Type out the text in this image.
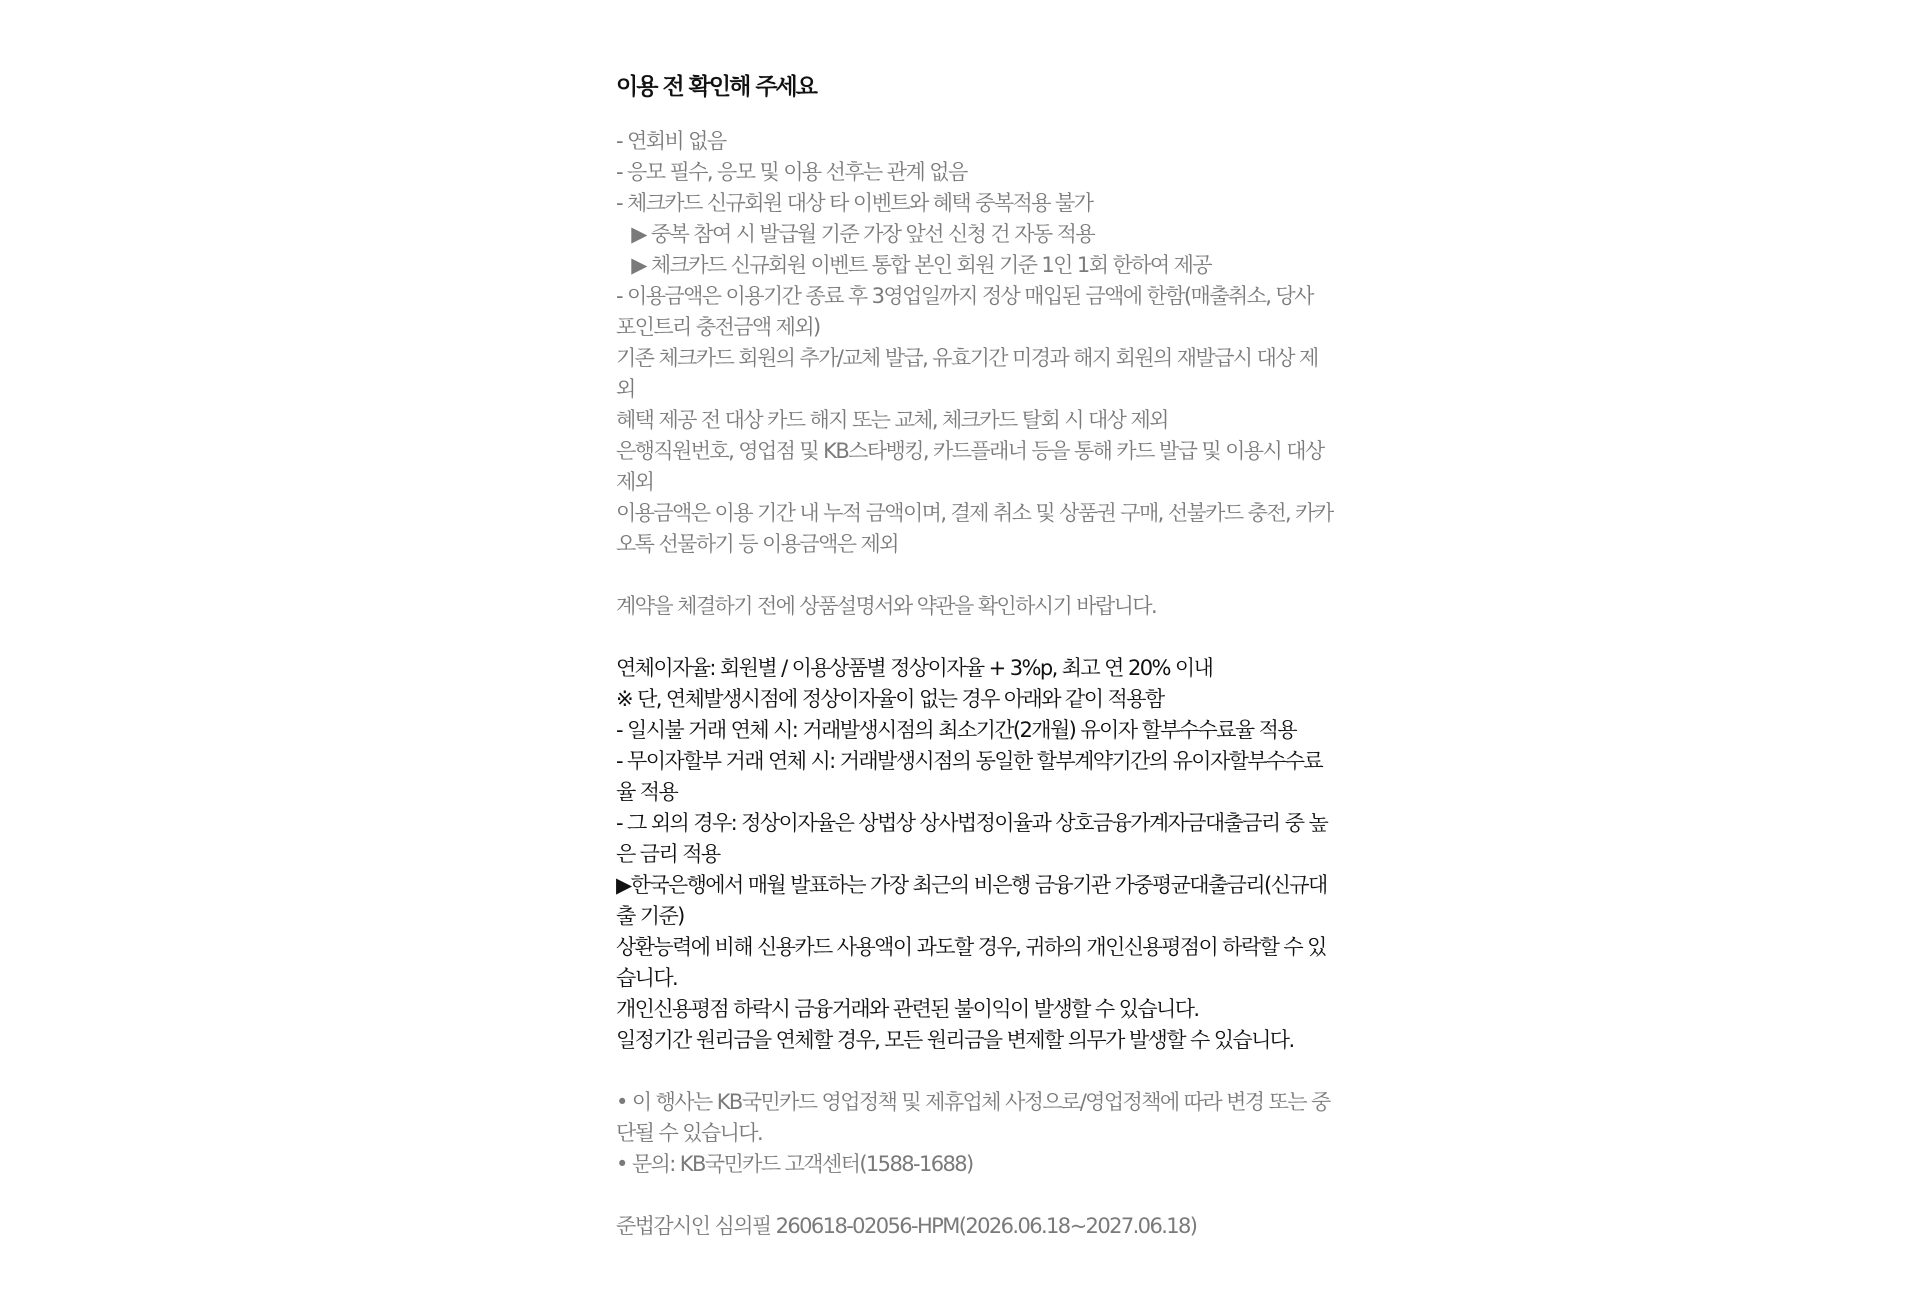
이용 전 확인해 주세요
- 연회비 없음
- 응모 필수, 응모 및 이용 선후는 관계 없음
- 체크카드 신규회원 대상 타 이벤트와 혜택 중복적용 불가
▶ 중복 참여 시 발급월 기준 가장 앞선 신청 건 자동 적용
▶ 체크카드 신규회원 이벤트 통합 본인 회원 기준 1인 1회 한하여 제공
- 이용금액은 이용기간 종료 후 3영업일까지 정상 매입된 금액에 한함(매출취소, 당사 포인트리 충전금액 제외)
기존 체크카드 회원의 추가/교체 발급, 유효기간 미경과 해지 회원의 재발급시 대상 제외
혜택 제공 전 대상 카드 해지 또는 교체, 체크카드 탈회 시 대상 제외
은행직원번호, 영업점 및 KB스타뱅킹, 카드플래너 등을 통해 카드 발급 및 이용시 대상 제외
이용금액은 이용 기간 내 누적 금액이며, 결제 취소 및 상품권 구매, 선불카드 충전, 카카오톡 선물하기 등 이용금액은 제외
계약을 체결하기 전에 상품설명서와 약관을 확인하시기 바랍니다.
연체이자율: 회원별 / 이용상품별 정상이자율 + 3%p, 최고 연 20% 이내
※ 단, 연체발생시점에 정상이자율이 없는 경우 아래와 같이 적용함
- 일시불 거래 연체 시: 거래발생시점의 최소기간(2개월) 유이자 할부수수료율 적용
- 무이자할부 거래 연체 시: 거래발생시점의 동일한 할부계약기간의 유이자할부수수료율 적용
- 그 외의 경우: 정상이자율은 상법상 상사법정이율과 상호금융가계자금대출금리 중 높은 금리 적용
▶한국은행에서 매월 발표하는 가장 최근의 비은행 금융기관 가중평균대출금리(신규대출 기준)
상환능력에 비해 신용카드 사용액이 과도할 경우, 귀하의 개인신용평점이 하락할 수 있습니다.
개인신용평점 하락시 금융거래와 관련된 불이익이 발생할 수 있습니다.
일정기간 원리금을 연체할 경우, 모든 원리금을 변제할 의무가 발생할 수 있습니다.
• 이 행사는 KB국민카드 영업정책 및 제휴업체 사정으로/영업정책에 따라 변경 또는 중단될 수 있습니다.
• 문의: KB국민카드 고객센터(1588-1688)
준법감시인 심의필 260618-02056-HPM(2026.06.18~2027.06.18)
